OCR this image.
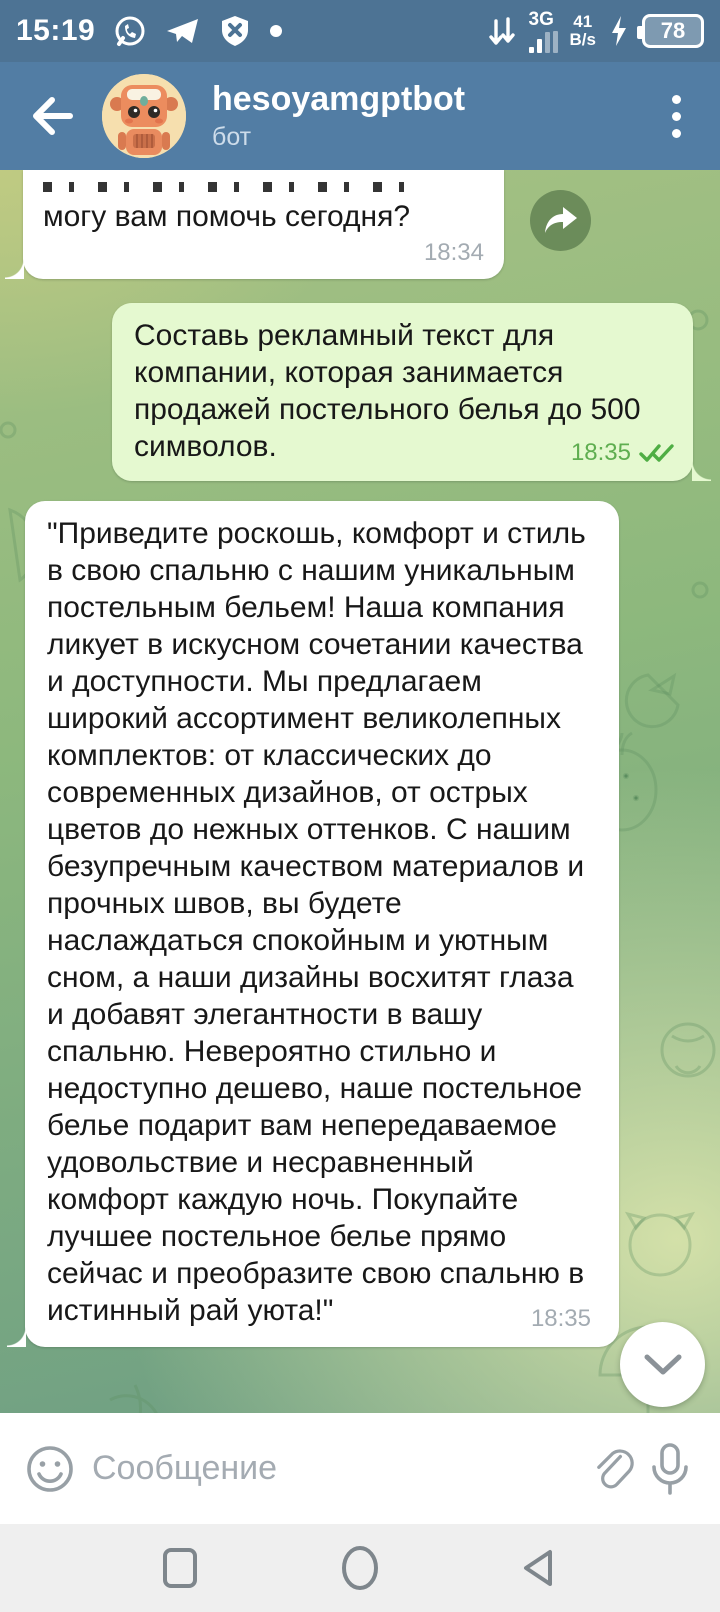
15:19	3G 41
B/s	78
hesoyamgptbot
бот
могу вам помочь сегодня?
18:34
Составь рекламный текст для компании, которая занимается продажей постельного белья до 500 символов.	18:35
"Приведите роскошь, комфорт и стиль в свою спальню с нашим уникальным постельным бельем! Наша компания ликует в искусном сочетании качества и доступности. Мы предлагаем широкий ассортимент великолепных комплектов: от классических до современных дизайнов, от острых цветов до нежных оттенков. С нашим безупречным качеством материалов и прочных швов, вы будете наслаждаться спокойным и уютным сном, а наши дизайны восхитят глаза и добавят элегантности в вашу спальню. Невероятно стильно и недоступно дешево, наше постельное белье подарит вам непередаваемое удовольствие и несравненный комфорт каждую ночь. Покупайте лучшее постельное белье прямо сейчас и преобразите свою спальню в истинный рай уюта!"	18:35
Сообщение
